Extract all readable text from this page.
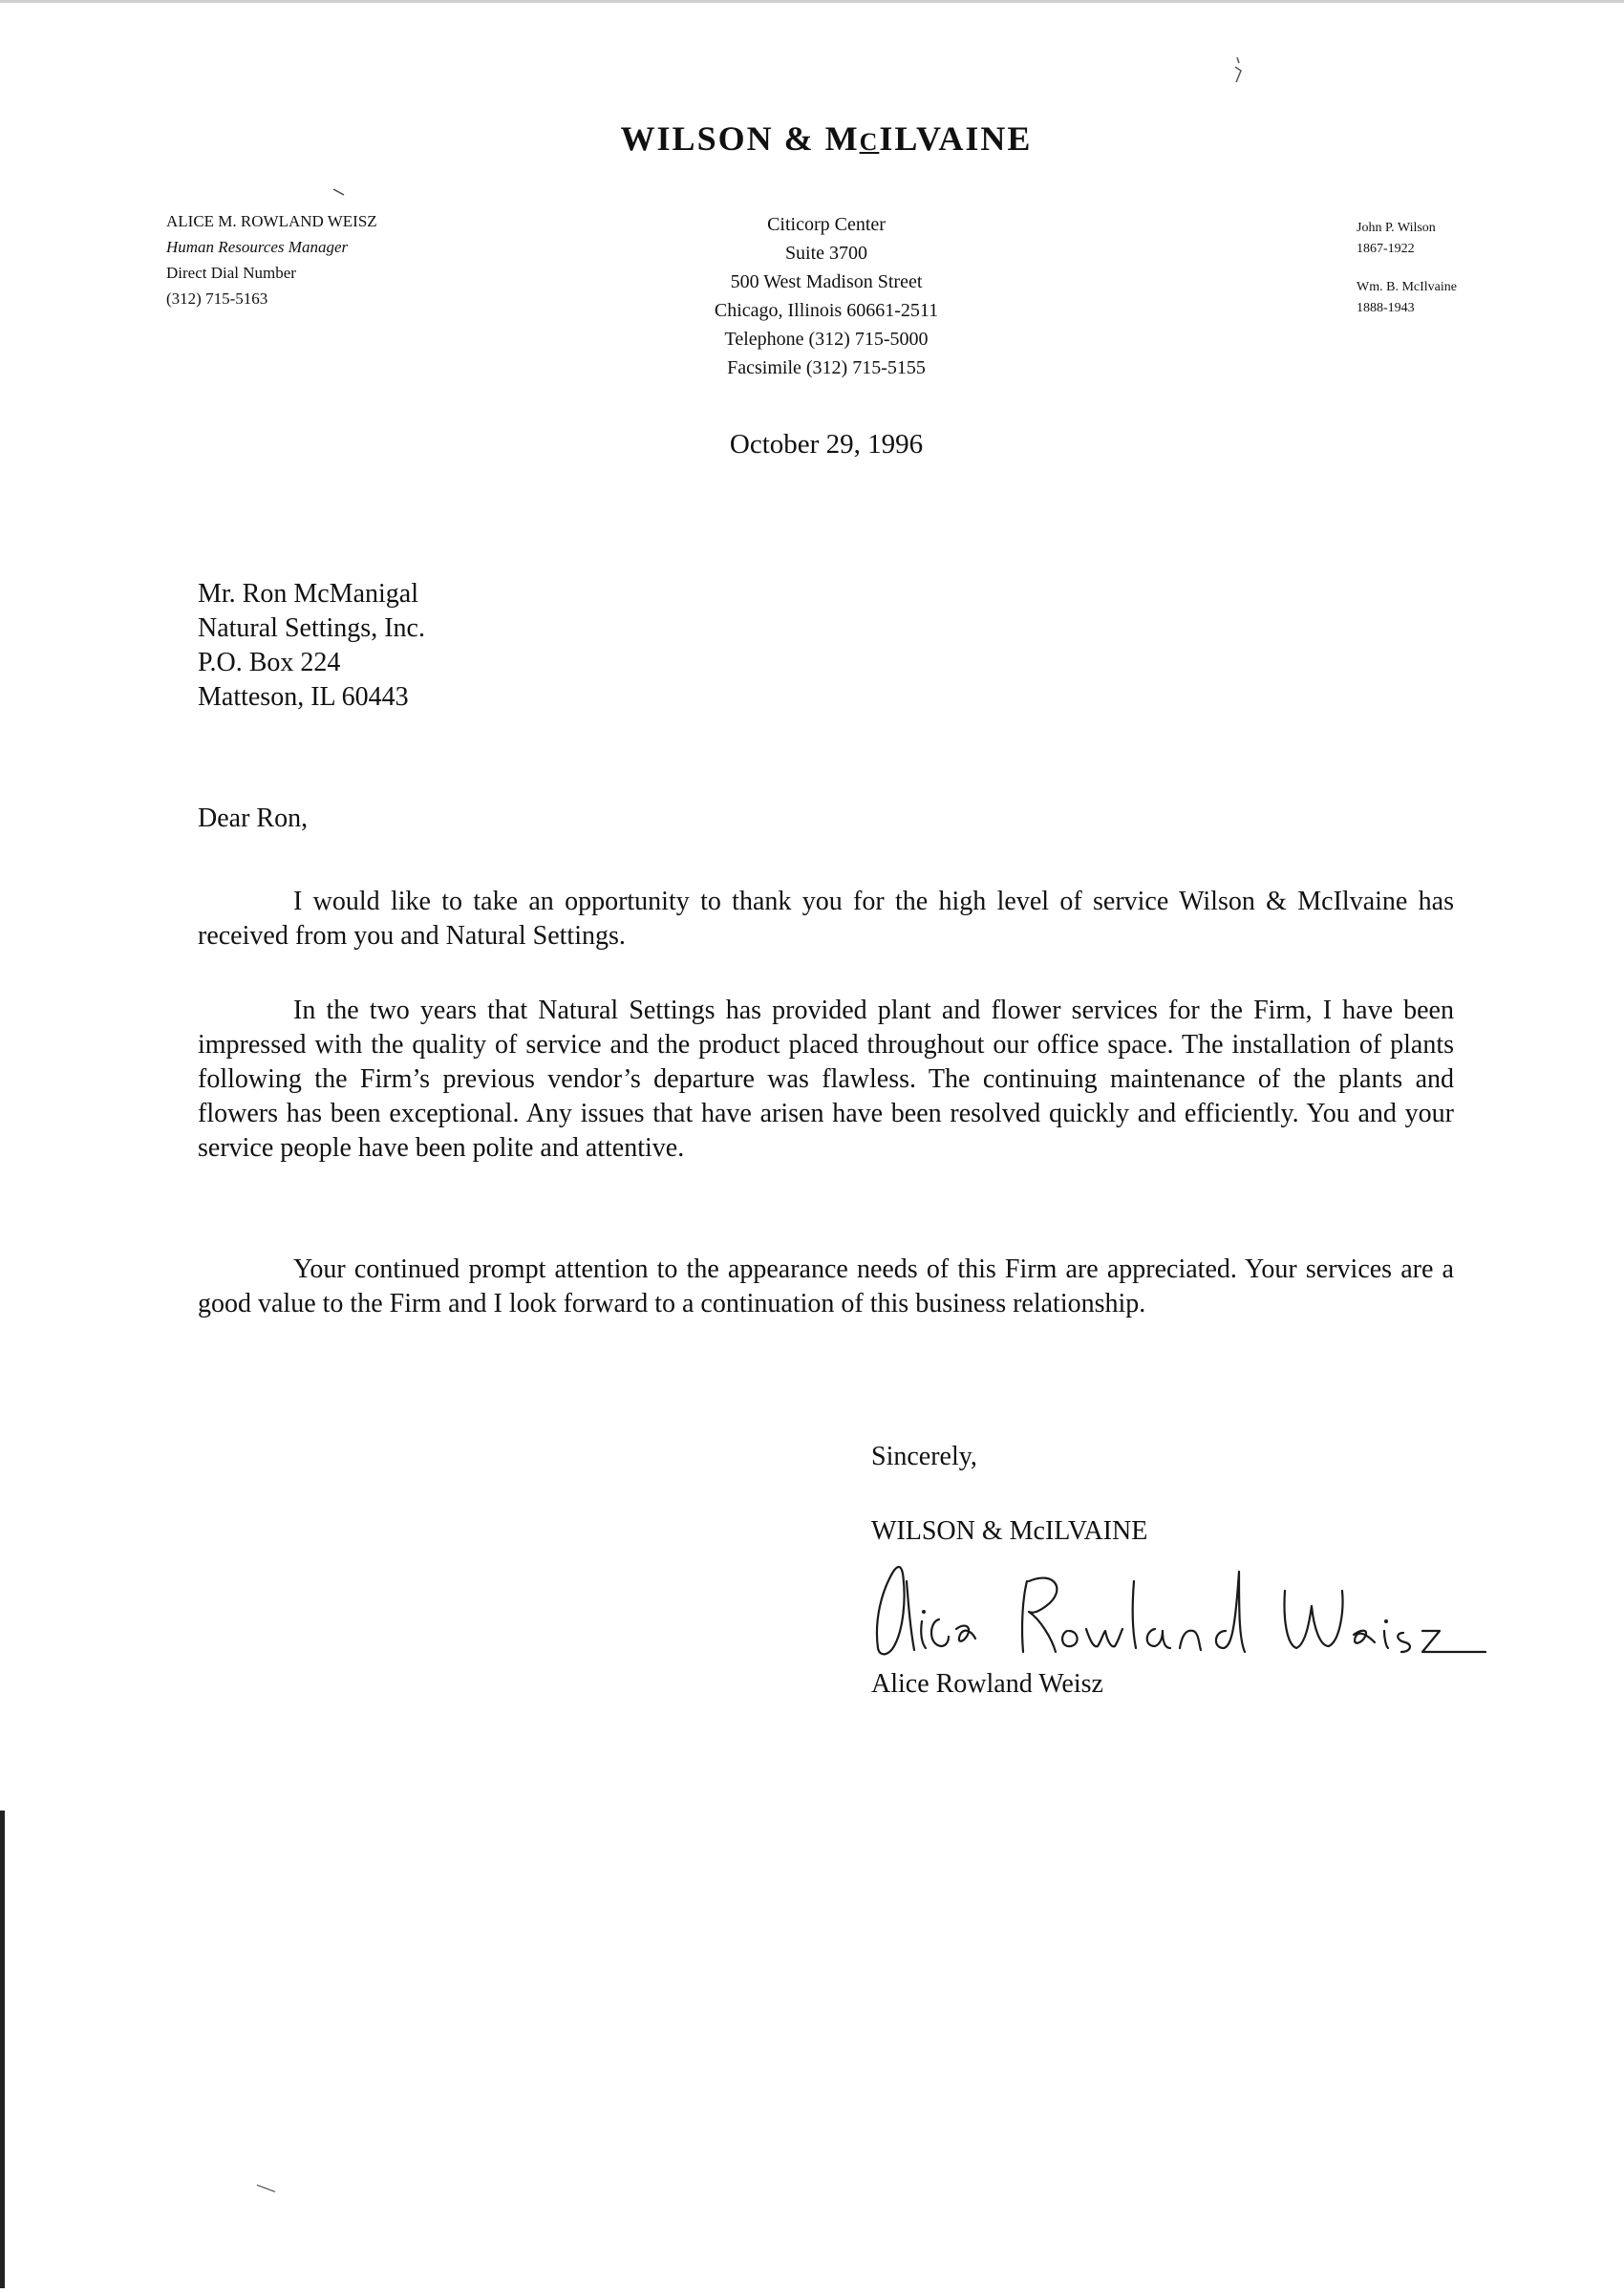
WILSON & MCILVAINE
ALICE M. ROWLAND WEISZ
Human Resources Manager
Direct Dial Number
(312) 715-5163
Citicorp Center
Suite 3700
500 West Madison Street
Chicago, Illinois 60661-2511
Telephone (312) 715-5000
Facsimile (312) 715-5155
John P. Wilson
1867-1922
Wm. B. McIlvaine
1888-1943
October 29, 1996
Mr. Ron McManigal
Natural Settings, Inc.
P.O. Box 224
Matteson, IL 60443
Dear Ron,
I would like to take an opportunity to thank you for the high level of service Wilson & McIlvaine has received from you and Natural Settings.
In the two years that Natural Settings has provided plant and flower services for the Firm, I have been impressed with the quality of service and the product placed throughout our office space. The installation of plants following the Firm’s previous vendor’s departure was flawless. The continuing maintenance of the plants and flowers has been exceptional. Any issues that have arisen have been resolved quickly and efficiently. You and your service people have been polite and attentive.
Your continued prompt attention to the appearance needs of this Firm are appreciated. Your services are a good value to the Firm and I look forward to a continuation of this business relationship.
Sincerely,
WILSON & McILVAINE
Alice Rowland Weisz
